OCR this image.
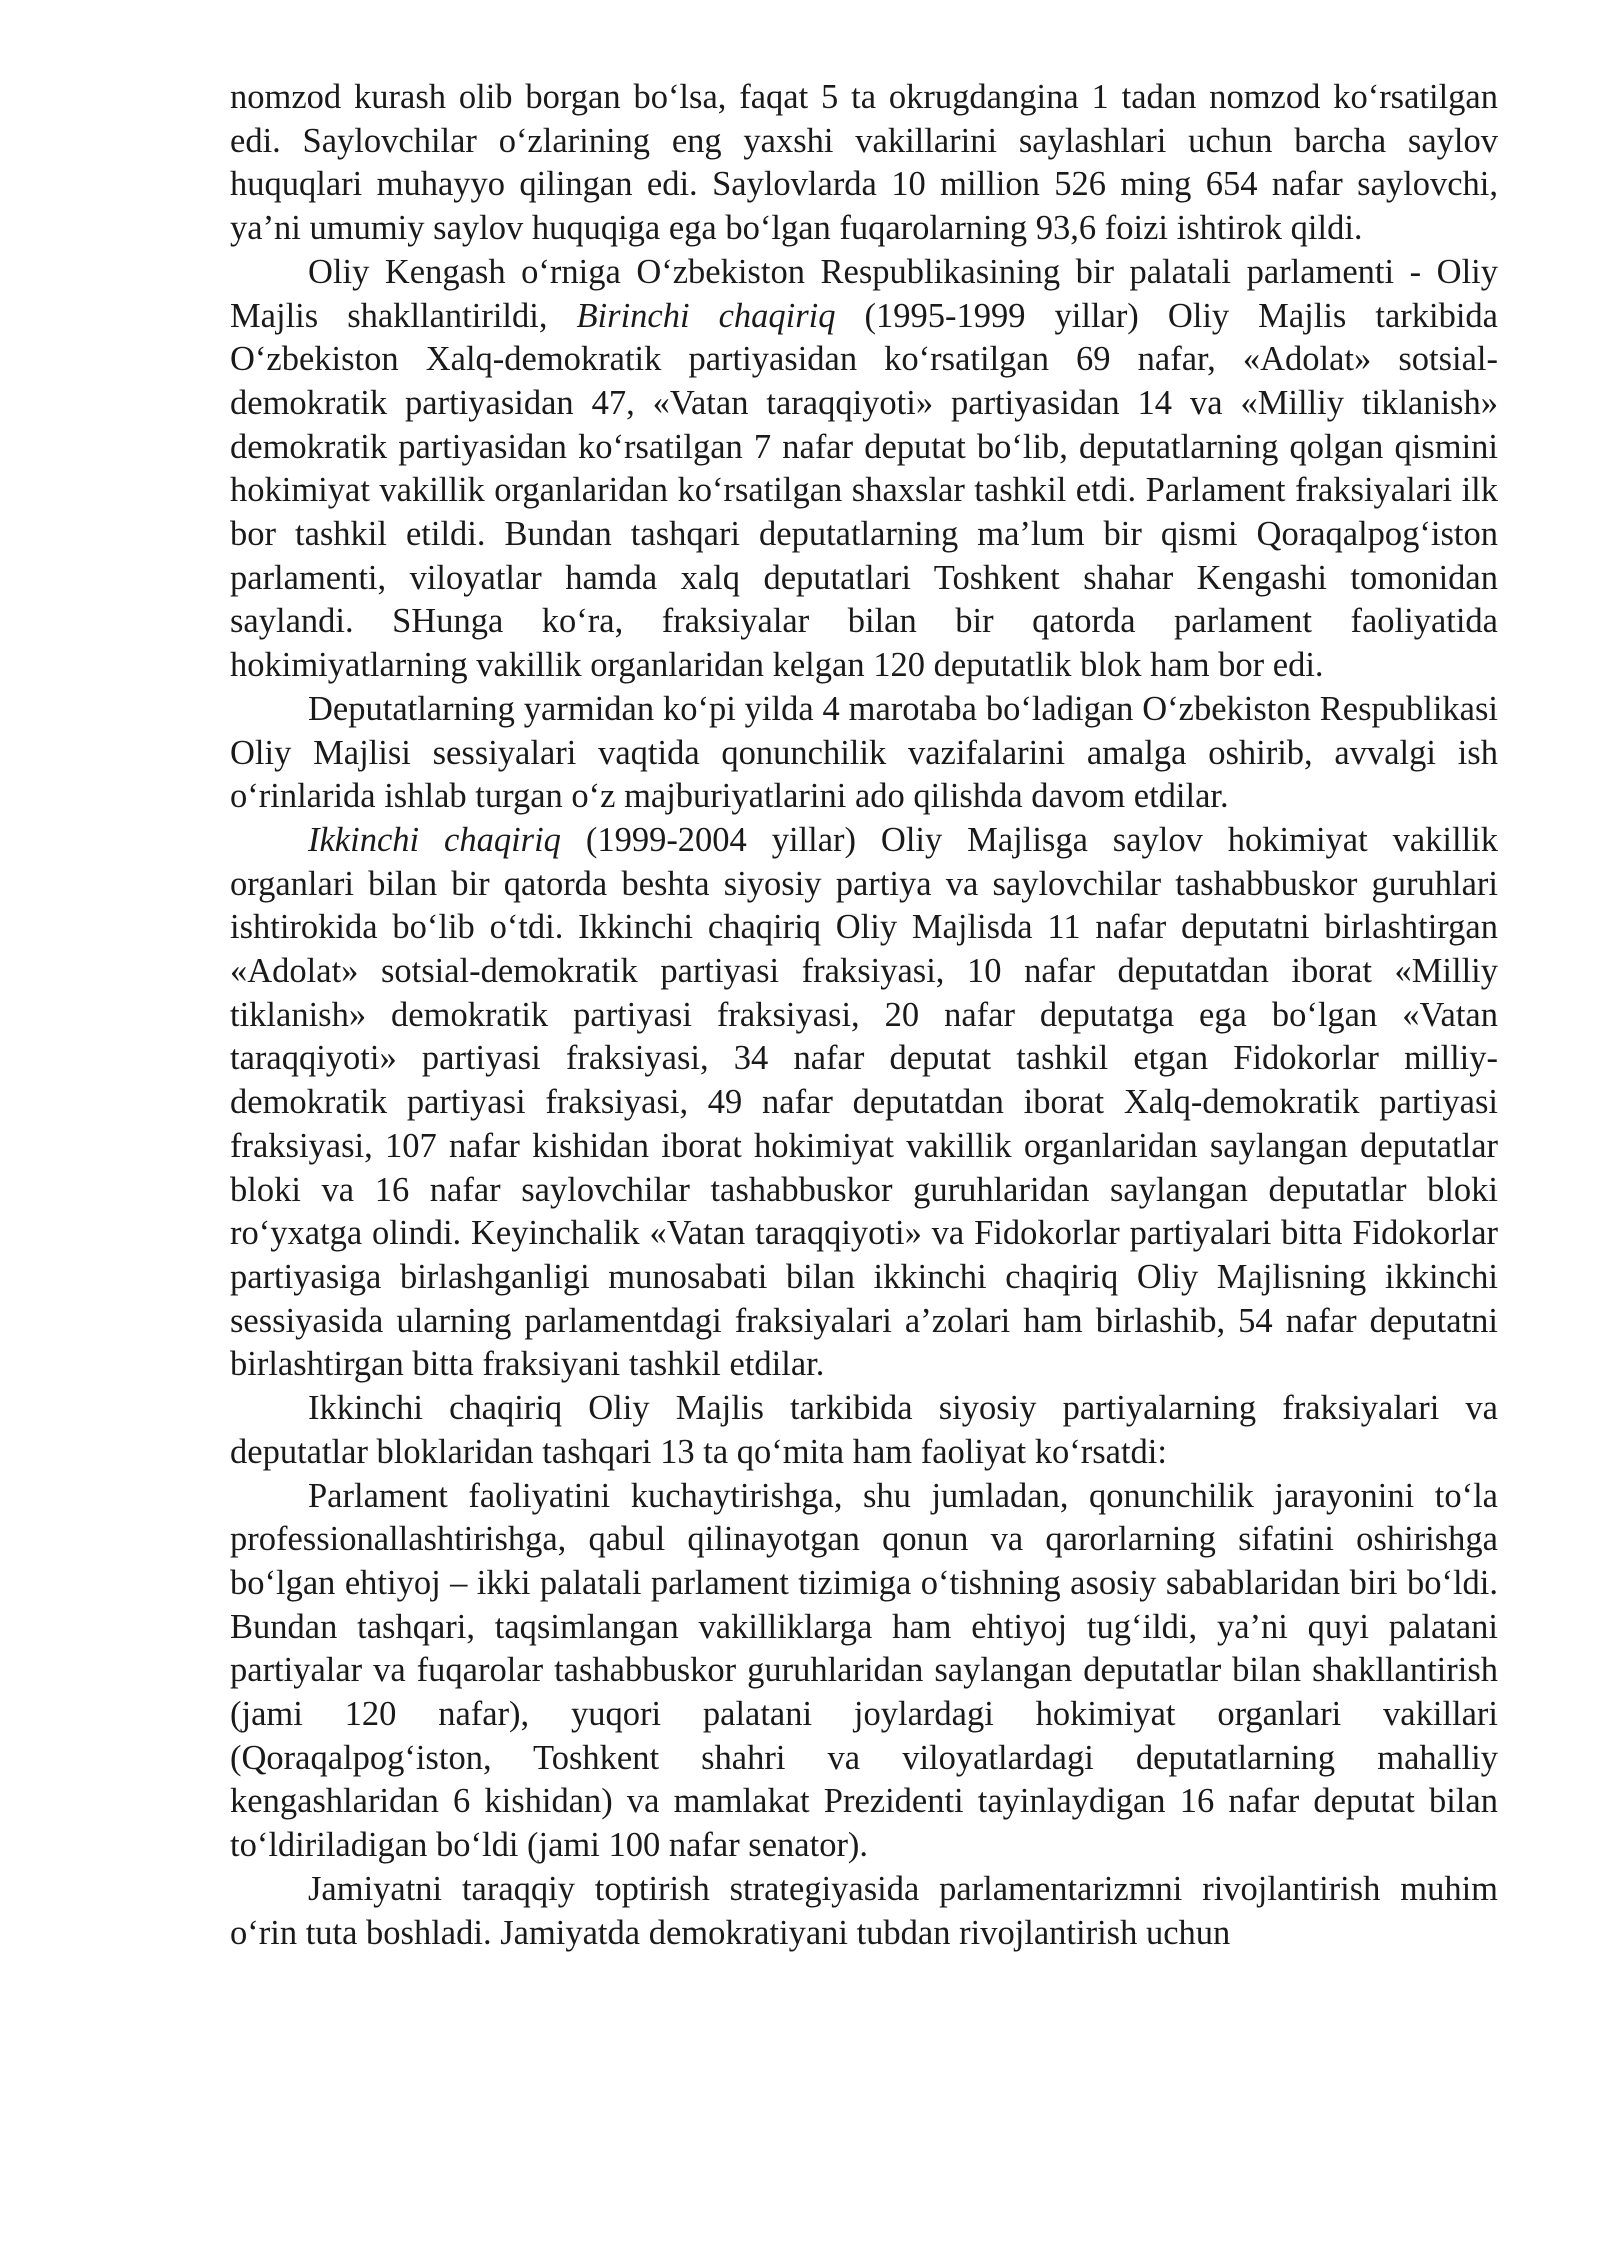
nomzod kurash olib borgan bo‘lsa, faqat 5 ta okrugdangina 1 tadan nomzod ko‘rsatilgan edi. Saylovchilar o‘zlarining eng yaxshi vakillarini saylashlari uchun barcha saylov huquqlari muhayyo qilingan edi. Saylovlarda 10 million 526 ming 654 nafar saylovchi, ya’ni umumiy saylov huquqiga ega bo‘lgan fuqarolarning 93,6 foizi ishtirok qildi.

Oliy Kengash o‘rniga O‘zbekiston Respublikasining bir palatali parlamenti - Oliy Majlis shakllantirildi, Birinchi chaqiriq (1995-1999 yillar) Oliy Majlis tarkibida O‘zbekiston Xalq-demokratik partiyasidan ko‘rsatilgan 69 nafar, «Adolat» sotsial-demokratik partiyasidan 47, «Vatan taraqqiyoti» partiyasidan 14 va «Milliy tiklanish» demokratik partiyasidan ko‘rsatilgan 7 nafar deputat bo‘lib, deputatlarning qolgan qismini hokimiyat vakillik organlaridan ko‘rsatilgan shaxslar tashkil etdi. Parlament fraksiyalari ilk bor tashkil etildi. Bundan tashqari deputatlarning ma’lum bir qismi Qoraqalpog‘iston parlamenti, viloyatlar hamda xalq deputatlari Toshkent shahar Kengashi tomonidan saylandi. SHunga ko‘ra, fraksiyalar bilan bir qatorda parlament faoliyatida hokimiyatlarning vakillik organlaridan kelgan 120 deputatlik blok ham bor edi.

Deputatlarning yarmidan ko‘pi yilda 4 marotaba bo‘ladigan O‘zbekiston Respublikasi Oliy Majlisi sessiyalari vaqtida qonunchilik vazifalarini amalga oshirib, avvalgi ish o‘rinlarida ishlab turgan o‘z majburiyatlarini ado qilishda davom etdilar.

Ikkinchi chaqiriq (1999-2004 yillar) Oliy Majlisga saylov hokimiyat vakillik organlari bilan bir qatorda beshta siyosiy partiya va saylovchilar tashabbuskor guruhlari ishtirokida bo‘lib o‘tdi. Ikkinchi chaqiriq Oliy Majlisda 11 nafar deputatni birlashtirgan «Adolat» sotsial-demokratik partiyasi fraksiyasi, 10 nafar deputatdan iborat «Milliy tiklanish» demokratik partiyasi fraksiyasi, 20 nafar deputatga ega bo‘lgan «Vatan taraqqiyoti» partiyasi fraksiyasi, 34 nafar deputat tashkil etgan Fidokorlar milliy-demokratik partiyasi fraksiyasi, 49 nafar deputatdan iborat Xalq-demokratik partiyasi fraksiyasi, 107 nafar kishidan iborat hokimiyat vakillik organlaridan saylangan deputatlar bloki va 16 nafar saylovchilar tashabbuskor guruhlaridan saylangan deputatlar bloki ro‘yxatga olindi. Keyinchalik «Vatan taraqqiyoti» va Fidokorlar partiyalari bitta Fidokorlar partiyasiga birlashganligi munosabati bilan ikkinchi chaqiriq Oliy Majlisning ikkinchi sessiyasida ularning parlamentdagi fraksiyalari a’zolari ham birlashib, 54 nafar deputatni birlashtirgan bitta fraksiyani tashkil etdilar.

Ikkinchi chaqiriq Oliy Majlis tarkibida siyosiy partiyalarning fraksiyalari va deputatlar bloklaridan tashqari 13 ta qo‘mita ham faoliyat ko‘rsatdi:

Parlament faoliyatini kuchaytirishga, shu jumladan, qonunchilik jarayonini to‘la professionallashtirishga, qabul qilinayotgan qonun va qarorlarning sifatini oshirishga bo‘lgan ehtiyoj – ikki palatali parlament tizimiga o‘tishning asosiy sabablaridan biri bo‘ldi. Bundan tashqari, taqsimlangan vakilliklarga ham ehtiyoj tug‘ildi, ya’ni quyi palatani partiyalar va fuqarolar tashabbuskor guruhlaridan saylangan deputatlar bilan shakllantirish (jami 120 nafar), yuqori palatani joylardagi hokimiyat organlari vakillari (Qoraqalpog‘iston, Toshkent shahri va viloyatlardagi deputatlarning mahalliy kengashlaridan 6 kishidan) va mamlakat Prezidenti tayinlaydigan 16 nafar deputat bilan to‘ldiriladigan bo‘ldi (jami 100 nafar senator).

Jamiyatni taraqqiy toptirish strategiyasida parlamentarizmni rivojlantirish muhim o‘rin tuta boshladi. Jamiyatda demokratiyani tubdan rivojlantirish uchun
